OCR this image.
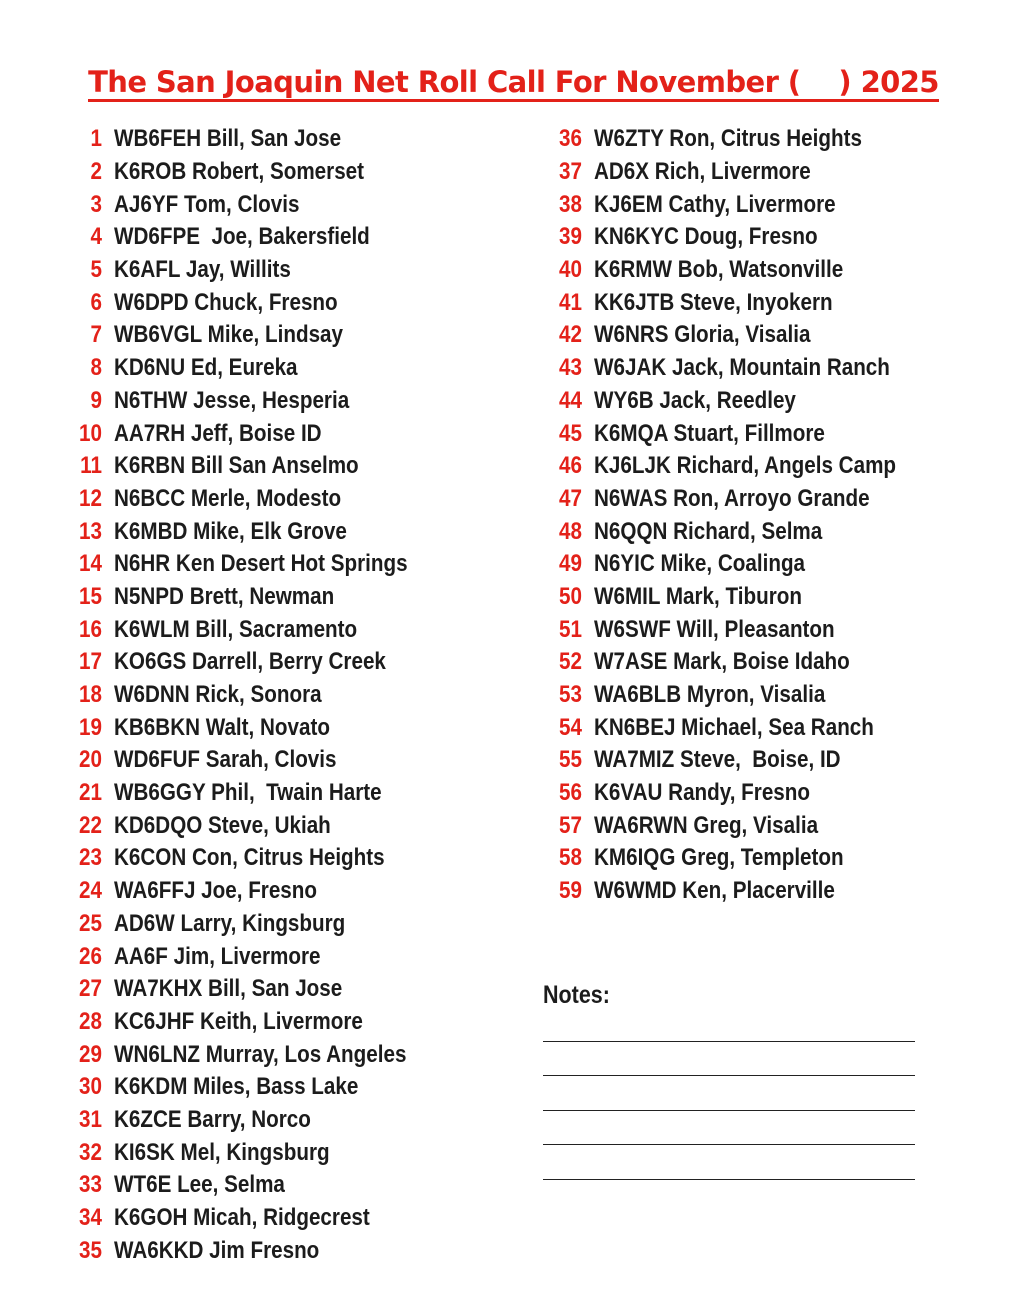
The San Joaquin Net Roll Call For November (    ) 2025
1 WB6FEH Bill, San Jose
2 K6ROB Robert, Somerset
3 AJ6YF Tom, Clovis
4 WD6FPE  Joe, Bakersfield
5 K6AFL Jay, Willits
6 W6DPD Chuck, Fresno
7 WB6VGL Mike, Lindsay
8 KD6NU Ed, Eureka
9 N6THW Jesse, Hesperia
10 AA7RH Jeff, Boise ID
11 K6RBN Bill San Anselmo
12 N6BCC Merle, Modesto
13 K6MBD Mike, Elk Grove
14 N6HR Ken Desert Hot Springs
15 N5NPD Brett, Newman
16 K6WLM Bill, Sacramento
17 KO6GS Darrell, Berry Creek
18 W6DNN Rick, Sonora
19 KB6BKN Walt, Novato
20 WD6FUF Sarah, Clovis
21 WB6GGY Phil,  Twain Harte
22 KD6DQO Steve, Ukiah
23 K6CON Con, Citrus Heights
24 WA6FFJ Joe, Fresno
25 AD6W Larry, Kingsburg
26 AA6F Jim, Livermore
27 WA7KHX Bill, San Jose
28 KC6JHF Keith, Livermore
29 WN6LNZ Murray, Los Angeles
30 K6KDM Miles, Bass Lake
31 K6ZCE Barry, Norco
32 KI6SK Mel, Kingsburg
33 WT6E Lee, Selma
34 K6GOH Micah, Ridgecrest
35 WA6KKD Jim Fresno
36 W6ZTY Ron, Citrus Heights
37 AD6X Rich, Livermore
38 KJ6EM Cathy, Livermore
39 KN6KYC Doug, Fresno
40 K6RMW Bob, Watsonville
41 KK6JTB Steve, Inyokern
42 W6NRS Gloria, Visalia
43 W6JAK Jack, Mountain Ranch
44 WY6B Jack, Reedley
45 K6MQA Stuart, Fillmore
46 KJ6LJK Richard, Angels Camp
47 N6WAS Ron, Arroyo Grande
48 N6QQN Richard, Selma
49 N6YIC Mike, Coalinga
50 W6MIL Mark, Tiburon
51 W6SWF Will, Pleasanton
52 W7ASE Mark, Boise Idaho
53 WA6BLB Myron, Visalia
54 KN6BEJ Michael, Sea Ranch
55 WA7MIZ Steve,  Boise, ID
56 K6VAU Randy, Fresno
57 WA6RWN Greg, Visalia
58 KM6IQG Greg, Templeton
59 W6WMD Ken, Placerville
Notes:
